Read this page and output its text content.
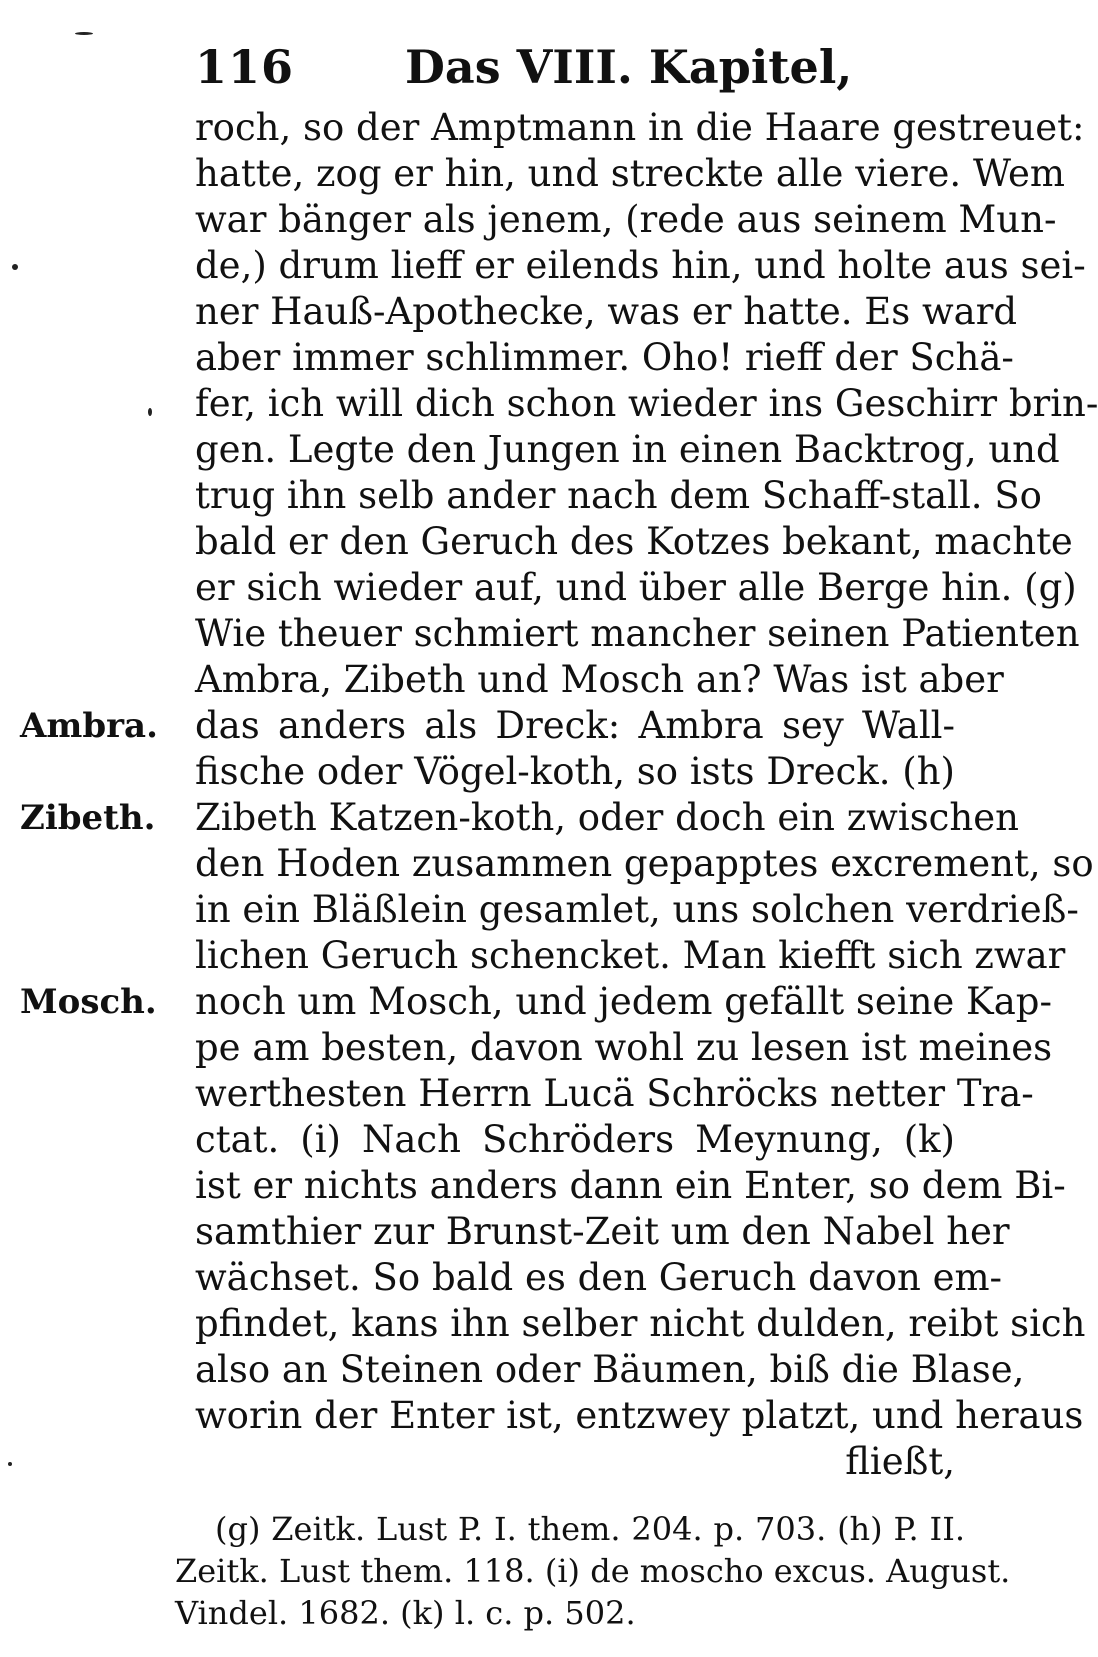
116 Das VIII. Kapitel,
roch, so der Amptmann in die Haare gestreuet:
hatte, zog er hin, und streckte alle viere. Wem
war bänger als jenem, (rede aus seinem Mun-
de,) drum lieff er eilends hin, und holte aus sei-
ner Hauß-Apothecke, was er hatte. Es ward
aber immer schlimmer. Oho! rieff der Schä-
fer, ich will dich schon wieder ins Geschirr brin-
gen. Legte den Jungen in einen Backtrog, und
trug ihn selb ander nach dem Schaff-stall. So
bald er den Geruch des Kotzes bekant, machte
er sich wieder auf, und über alle Berge hin. (g)
Wie theuer schmiert mancher seinen Patienten
Ambra, Zibeth und Mosch an? Was ist aber
das anders als Dreck: Ambra sey Wall-
fische oder Vögel-koth, so ists Dreck. (h)
Zibeth Katzen-koth, oder doch ein zwischen
den Hoden zusammen gepapptes excrement, so
in ein Bläßlein gesamlet, uns solchen verdrieß-
lichen Geruch schencket. Man kiefft sich zwar
noch um Mosch, und jedem gefällt seine Kap-
pe am besten, davon wohl zu lesen ist meines
werthesten Herrn Lucä Schröcks netter Tra-
ctat. (i) Nach Schröders Meynung, (k)
ist er nichts anders dann ein Enter, so dem Bi-
samthier zur Brunst-Zeit um den Nabel her
wächset. So bald es den Geruch davon em-
pfindet, kans ihn selber nicht dulden, reibt sich
also an Steinen oder Bäumen, biß die Blase,
worin der Enter ist, entzwey platzt, und heraus
fließt,
Ambra.
Zibeth.
Mosch.
(g) Zeitk. Lust P. I. them. 204. p. 703. (h) P. II.
Zeitk. Lust them. 118. (i) de moscho excus. August.
Vindel. 1682. (k) l. c. p. 502.
